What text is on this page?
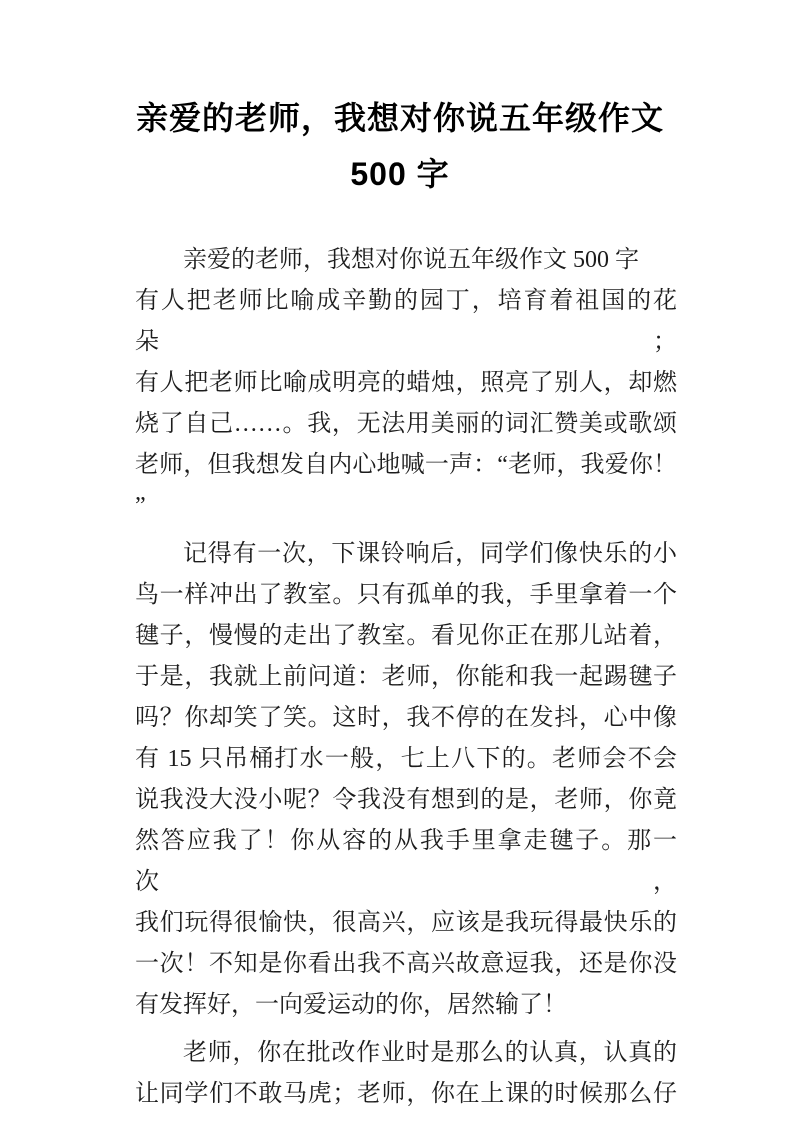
亲爱的老师，我想对你说五年级作文
500 字
亲爱的老师，我想对你说五年级作文 500 字
有人把老师比喻成辛勤的园丁，培育着祖国的花朵；
有人把老师比喻成明亮的蜡烛，照亮了别人，却燃
烧了自己……。我，无法用美丽的词汇赞美或歌颂
老师，但我想发自内心地喊一声：“老师，我爱你！
”
记得有一次，下课铃响后，同学们像快乐的小
鸟一样冲出了教室。只有孤单的我，手里拿着一个
毽子，慢慢的走出了教室。看见你正在那儿站着，
于是，我就上前问道：老师，你能和我一起踢毽子
吗？你却笑了笑。这时，我不停的在发抖，心中像
有 15 只吊桶打水一般，七上八下的。老师会不会
说我没大没小呢？令我没有想到的是，老师，你竟
然答应我了！你从容的从我手里拿走毽子。那一次，
我们玩得很愉快，很高兴，应该是我玩得最快乐的
一次！不知是你看出我不高兴故意逗我，还是你没
有发挥好，一向爱运动的你，居然输了！
老师，你在批改作业时是那么的认真，认真的
让同学们不敢马虎；老师，你在上课的时候那么仔
